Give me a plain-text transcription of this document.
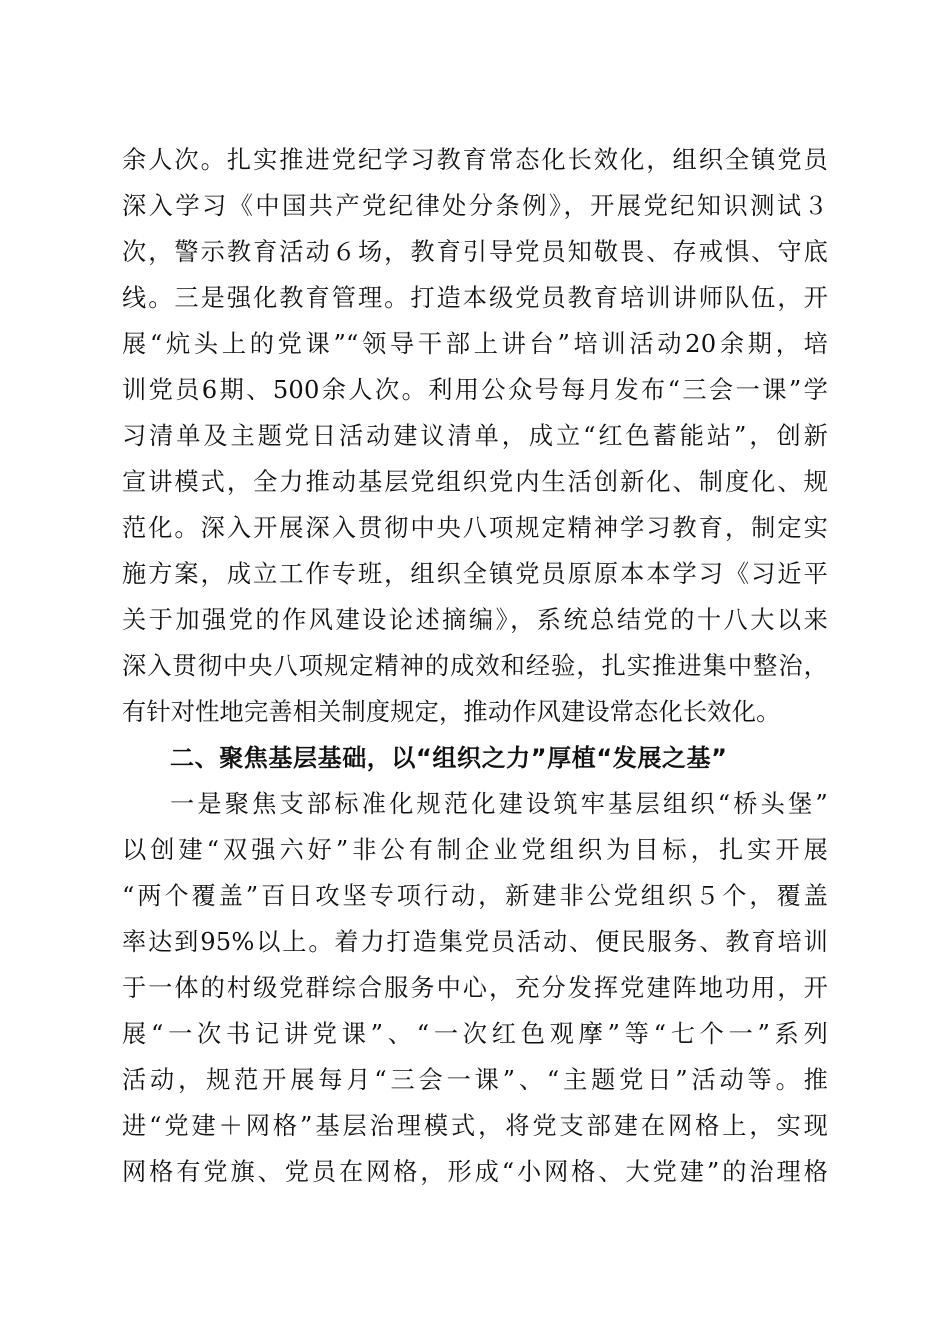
余人次。扎实推进党纪学习教育常态化长效化，组织全镇党员
深入学习《中国共产党纪律处分条例》，开展党纪知识测试３
次，警示教育活动６场，教育引导党员知敬畏、存戒惧、守底
线。三是强化教育管理。打造本级党员教育培训讲师队伍，开
展“炕头上的党课”“领导干部上讲台”培训活动20余期，培
训党员6期、500余人次。利用公众号每月发布“三会一课”学
习清单及主题党日活动建议清单，成立“红色蓄能站”，创新
宣讲模式，全力推动基层党组织党内生活创新化、制度化、规
范化。深入开展深入贯彻中央八项规定精神学习教育，制定实
施方案，成立工作专班，组织全镇党员原原本本学习《习近平
关于加强党的作风建设论述摘编》，系统总结党的十八大以来
深入贯彻中央八项规定精神的成效和经验，扎实推进集中整治，
有针对性地完善相关制度规定，推动作风建设常态化长效化。
二、聚焦基层基础，以“组织之力”厚植“发展之基”
一是聚焦支部标准化规范化建设筑牢基层组织“桥头堡”
以创建“双强六好”非公有制企业党组织为目标，扎实开展
“两个覆盖”百日攻坚专项行动，新建非公党组织５个，覆盖
率达到95%以上。着力打造集党员活动、便民服务、教育培训
于一体的村级党群综合服务中心，充分发挥党建阵地功用，开
展“一次书记讲党课”、“一次红色观摩”等“七个一”系列
活动，规范开展每月“三会一课”、“主题党日”活动等。推
进“党建＋网格”基层治理模式，将党支部建在网格上，实现
网格有党旗、党员在网格，形成“小网格、大党建”的治理格
